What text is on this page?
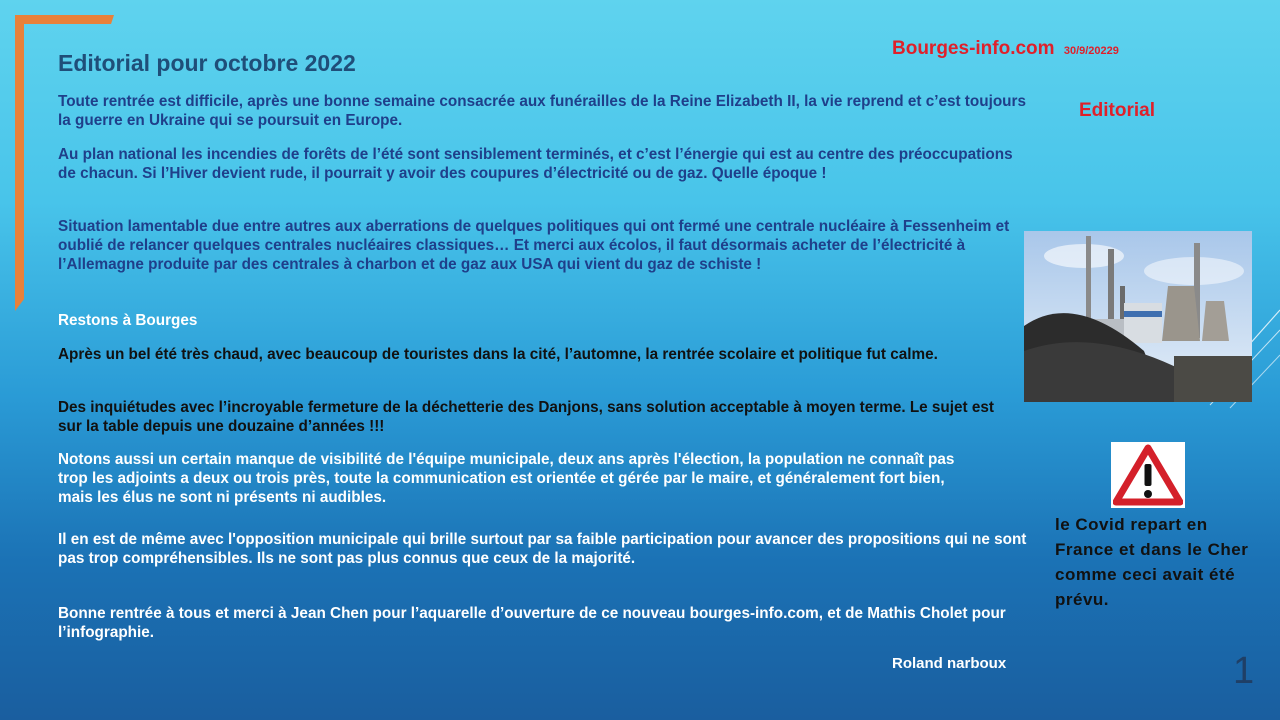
Editorial pour octobre 2022
Bourges-info.com 30/9/20229
Editorial

Toute rentrée est difficile, après une bonne semaine consacrée aux funérailles de la Reine Elizabeth II, la vie reprend et c’est toujours la guerre en Ukraine qui se poursuit en Europe.

Au plan national les incendies de forêts de l’été sont sensiblement terminés, et c’est l’énergie qui est au centre des préoccupations de chacun. Si l’Hiver devient rude, il pourrait y avoir des coupures d’électricité ou de gaz. Quelle époque !

Situation lamentable due entre autres aux aberrations de quelques politiques qui ont fermé une centrale nucléaire à Fessenheim et oublié de relancer quelques centrales nucléaires classiques… Et merci aux écolos, il faut désormais acheter de l’électricité à l’Allemagne produite par des centrales à charbon et de gaz aux USA qui vient du gaz de schiste !

Restons à Bourges

Après un bel été très chaud, avec beaucoup de touristes dans la cité, l’automne, la rentrée scolaire et politique fut calme.

Des inquiétudes avec l’incroyable fermeture de la déchetterie des Danjons, sans solution acceptable à moyen terme. Le sujet est sur la table depuis une douzaine d’années !!!

Notons aussi un certain manque de visibilité de l'équipe municipale, deux ans après l'élection, la population ne connaît pas trop les adjoints a deux ou trois près, toute la communication est orientée et gérée par le maire, et généralement fort bien, mais les élus ne sont ni présents ni audibles.

Il en est de même avec l'opposition municipale qui brille surtout par sa faible participation pour avancer des propositions qui ne sont pas trop compréhensibles. Ils ne sont pas plus connus que ceux de la majorité.

Bonne rentrée à tous et merci à Jean Chen pour l’aquarelle d’ouverture de ce nouveau bourges-info.com, et de Mathis Cholet pour l’infographie.

le Covid repart en France et dans le Cher comme ceci avait été prévu.

Roland narboux	1
